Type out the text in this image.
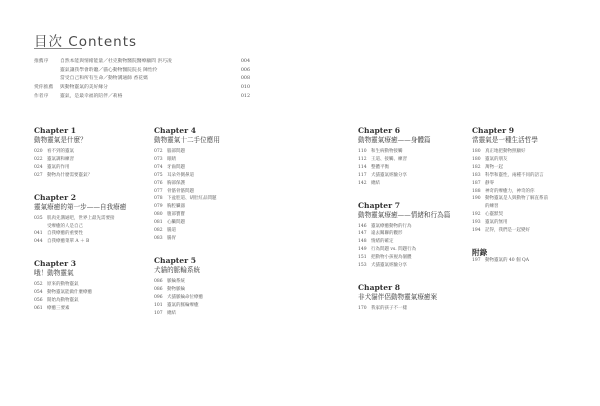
目次 Contents
推薦序	自然本能與情緒能量／杜克動物醫院醫療顧問 洪巧凌	004
靈氣讓我學會聆聽／貓心動物醫院院長 陳怡伶	006
當受自己和所有生命／動物溝通師 香花媽	008
愛你推薦	與動物靈氣的美好緣分	010
作者序	靈氣，是最幸福的陪伴／莉格	012
Chapter 1
動物靈氣是什麼？
020 看不到的靈氣
022 靈氣調和練習
024 靈氣的作用
027 動物為什麼需要靈氣？
Chapter 2
靈氣療癒的第一步——自我療癒
035 肌肉先溝通吧，世界上最先需要接
受療癒的人是自己
041 自我療癒的重要性
044 自我療癒菜單 A ＋ B
Chapter 3
哦！動物靈氣
052 原來的動物靈氣
054 動物靈氣能做什麼療癒
056 開始為動物靈氣
061 療癒三要素
Chapter 4
動物靈氣十二手位應用
072 腦部問題
073 眼睛
074 牙齒問題
075 耳朵外側鼻道
076 胸部保護
077 骨骼骨骼問題
078 下盆腔道、胡肚紅品問題
079 胸腔臟器
080 腹部寶寶
081 心臟問題
082 腸道
083 腸胃
Chapter 5
犬貓的脈輪系統
086 脈輪系統
086 動物脈輪
096 犬貓脈輪命位療癒
101 靈氣的脈輪療癒
107 總結
Chapter 6
動物靈氣療癒——身體篇
110 和生病動物接觸
112 王道、接觸、練習
114 整體平衡
117 犬貓靈氣經驗分享
142 總結
Chapter 7
動物靈氣療癒——情緒和行為篇
146 靈氣療癒動物的行為
147 遠去關聯的觀形
148 情緒的確定
149 行為問題 vs. 問題行為
151 把動物小孩視為個體
153 犬貓靈氣經驗分享
Chapter 8
非犬貓伴侶動物靈氣療癒案
170 我家的孩子不一樣
Chapter 9
當靈氣是一種生活哲學
180 真正地把動物照顧好
180 靈氣的朋友
182 萬物一起
183 科學和靈性，兩種不同的語言
187 靜零
188 神奇的療癒力，神奇的你
190 動物靈氣是人與動物了解直系前
的練習
192 心靈默契
193 靈氣的無用
194 記得，我們是一起變好
附錄
197 動物靈氣的 40 個 QA
